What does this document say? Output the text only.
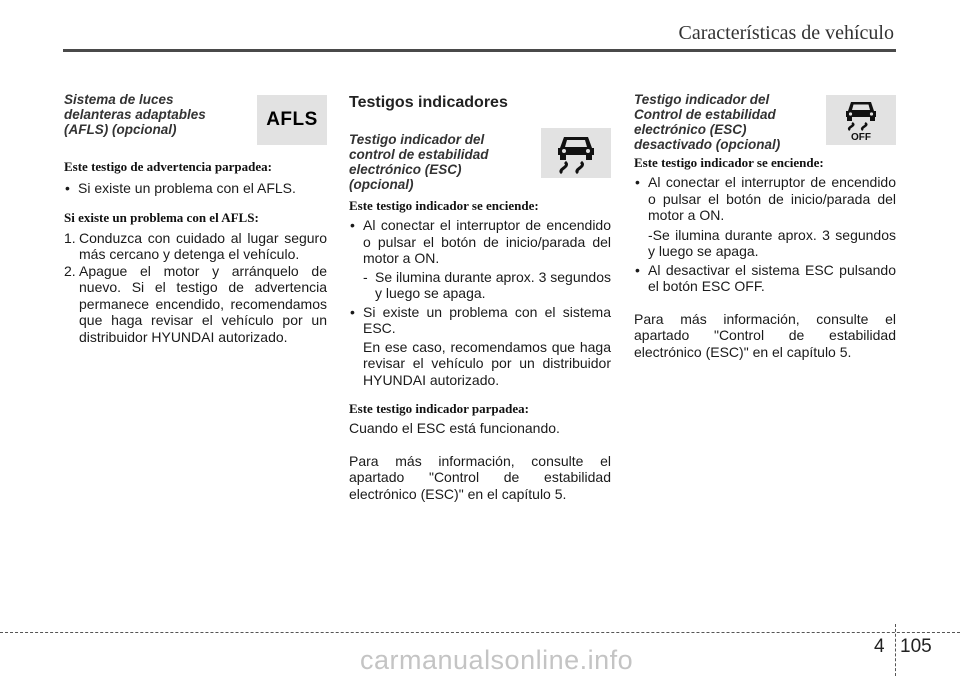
Características de vehículo

Sistema de luces
delanteras adaptables
(AFLS) (opcional)	AFLS

Este testigo de advertencia parpadea:

• Si existe un problema con el AFLS.

Si existe un problema con el AFLS:

1. Conduzca con cuidado al lugar seguro más cercano y detenga el vehículo.
2. Apague el motor y arránquelo de nuevo. Si el testigo de advertencia permanece encendido, recomendamos que haga revisar el vehículo por un distribuidor HYUNDAI autorizado.

Testigos indicadores

Testigo indicador del
control de estabilidad
electrónico (ESC)
(opcional)

Este testigo indicador se enciende:

• Al conectar el interruptor de encendido o pulsar el botón de inicio/parada del motor a ON.
- Se ilumina durante aprox. 3 segundos y luego se apaga.
• Si existe un problema con el sistema ESC.

En ese caso, recomendamos que haga revisar el vehículo por un distribuidor HYUNDAI autorizado.

Este testigo indicador parpadea:

Cuando el ESC está funcionando.

Para más información, consulte el apartado "Control de estabilidad electrónico (ESC)" en el capítulo 5.

Testigo indicador del
Control de estabilidad
electrónico (ESC)
desactivado (opcional)	OFF

Este testigo indicador se enciende:

• Al conectar el interruptor de encendido o pulsar el botón de inicio/parada del motor a ON.

-Se ilumina durante aprox. 3 segundos y luego se apaga.

• Al desactivar el sistema ESC pulsando el botón ESC OFF.

Para más información, consulte el apartado "Control de estabilidad electrónico (ESC)" en el capítulo 5.

4 105
carmanualsonline.info
